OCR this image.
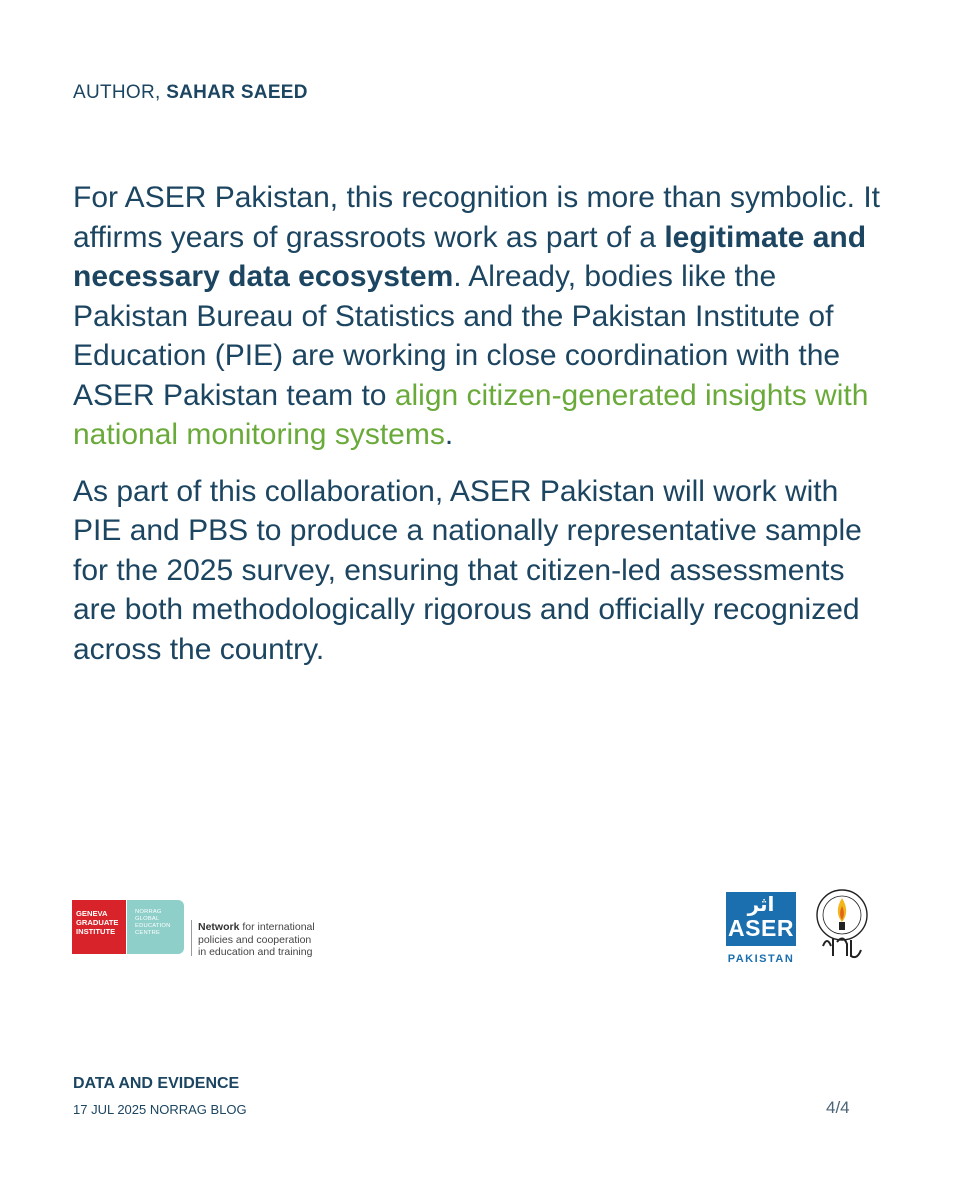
AUTHOR, SAHAR SAEED

For ASER Pakistan, this recognition is more than symbolic. It affirms years of grassroots work as part of a legitimate and necessary data ecosystem. Already, bodies like the Pakistan Bureau of Statistics and the Pakistan Institute of Education (PIE) are working in close coordination with the ASER Pakistan team to align citizen-generated insights with national monitoring systems.

As part of this collaboration, ASER Pakistan will work with PIE and PBS to produce a nationally representative sample for the 2025 survey, ensuring that citizen-led assessments are both methodologically rigorous and officially recognized across the country.

GENEVA
GRADUATE
INSTITUTE
NORRAG
GLOBAL
EDUCATION
CENTRE	Network for international
policies and cooperation
in education and training
اثر
ASER
PAKISTAN
DATA AND EVIDENCE
17 JUL 2025 NORRAG BLOG	4/4
